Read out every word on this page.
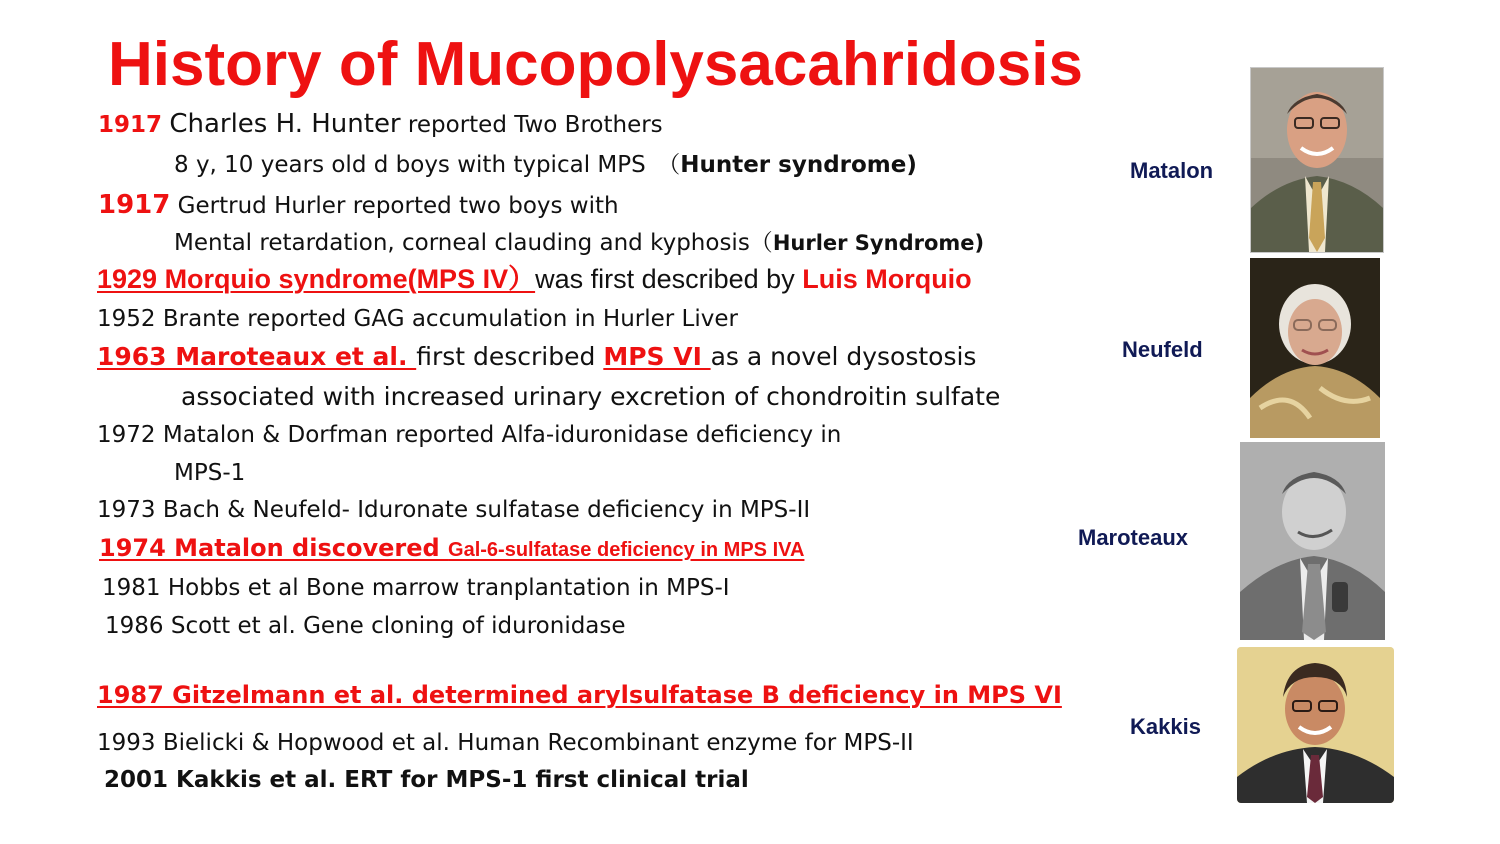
History of Mucopolysacahridosis
1917 Charles H. Hunter reported Two Brothers
8 y, 10 years old d boys with typical MPS　（Hunter syndrome)
1917 Gertrud Hurler reported two boys with
Mental retardation, corneal clauding and kyphosis（Hurler Syndrome)
1929 Morquio syndrome(MPS IV）was first described by Luis Morquio
1952 Brante reported GAG accumulation in Hurler Liver
1963 Maroteaux et al. first described MPS VI as a novel dysostosis
associated with increased urinary excretion of chondroitin sulfate
1972 Matalon & Dorfman reported Alfa-iduronidase deficiency in
MPS-1
1973 Bach & Neufeld- Iduronate sulfatase deficiency in MPS-II
1974 Matalon discovered Gal-6-sulfatase deficiency in MPS IVA
1981 Hobbs et al Bone marrow tranplantation in MPS-I
1986 Scott et al. Gene cloning of iduronidase
1987 Gitzelmann et al. determined arylsulfatase B deficiency in MPS VI
1993 Bielicki & Hopwood et al. Human Recombinant enzyme for MPS-II
2001 Kakkis et al. ERT for MPS-1 first clinical trial
Matalon
Neufeld
Maroteaux
Kakkis
